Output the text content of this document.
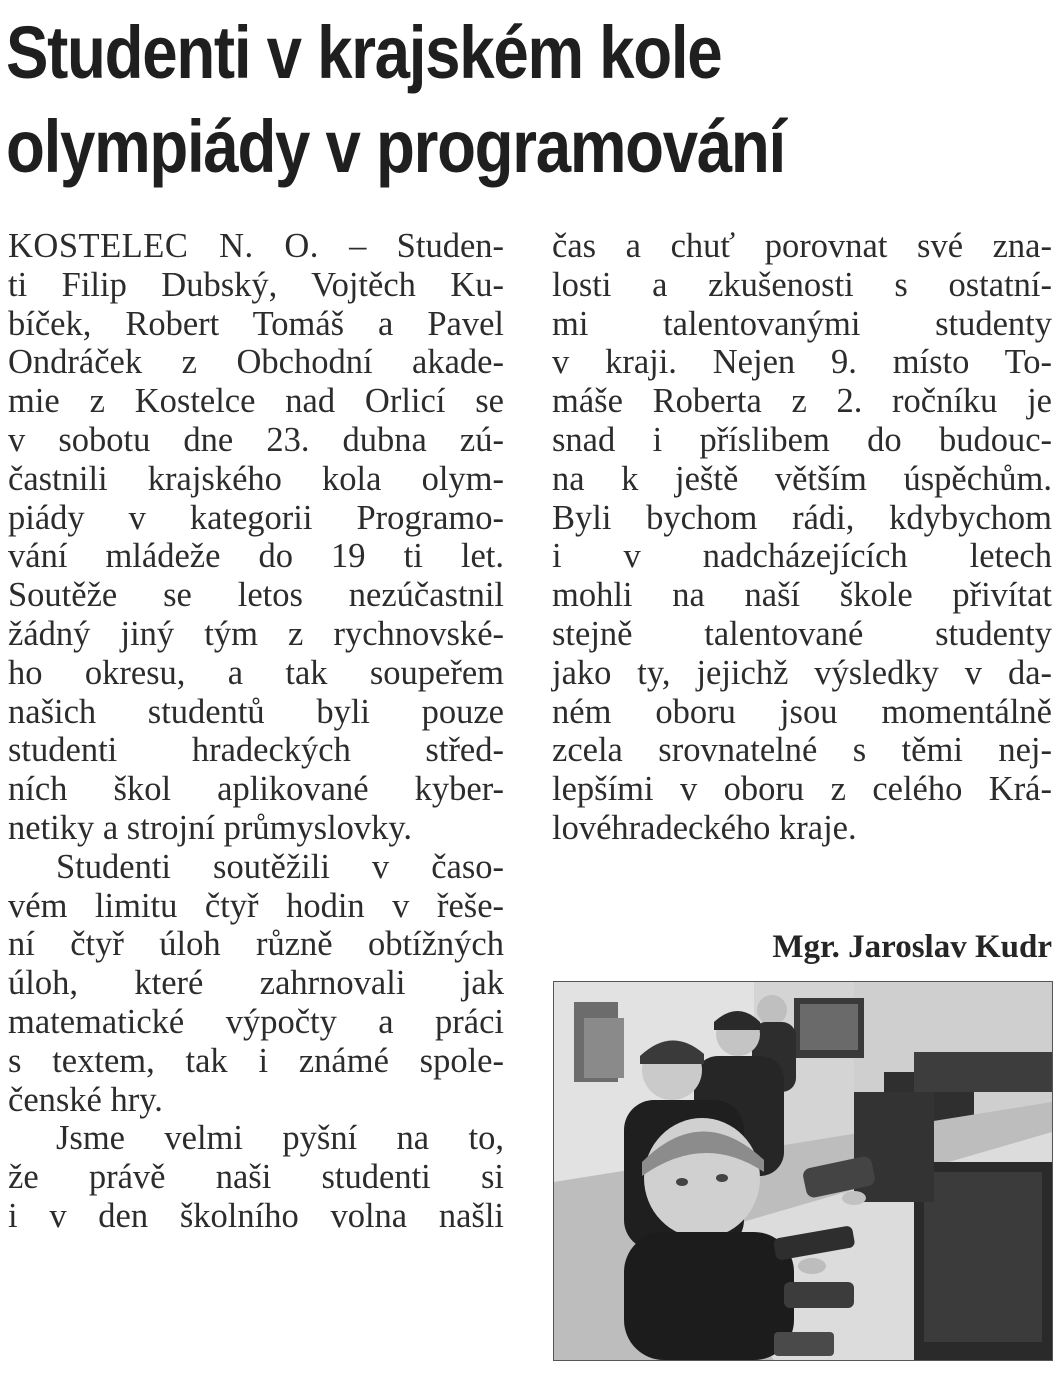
Studenti v krajském kole
olympiády v programování
KOSTELEC N. O. – Studen-
ti Filip Dubský, Vojtěch Ku-
bíček, Robert Tomáš a Pavel
Ondráček z Obchodní akade-
mie z Kostelce nad Orlicí se
v sobotu dne 23. dubna zú-
častnili krajského kola olym-
piády v kategorii Programo-
vání mládeže do 19 ti let.
Soutěže se letos nezúčastnil
žádný jiný tým z rychnovské-
ho okresu, a tak soupeřem
našich studentů byli pouze
studenti hradeckých střed-
ních škol aplikované kyber-
netiky a strojní průmyslovky.
Studenti soutěžili v časo-
vém limitu čtyř hodin v řeše-
ní čtyř úloh různě obtížných
úloh, které zahrnovali jak
matematické výpočty a práci
s textem, tak i známé spole-
čenské hry.
Jsme velmi pyšní na to,
že právě naši studenti si
i v den školního volna našli
čas a chuť porovnat své zna-
losti a zkušenosti s ostatní-
mi talentovanými studenty
v kraji. Nejen 9. místo To-
máše Roberta z 2. ročníku je
snad i příslibem do budouc-
na k ještě větším úspěchům.
Byli bychom rádi, kdybychom
i v nadcházejících letech
mohli na naší škole přivítat
stejně talentované studenty
jako ty, jejichž výsledky v da-
ném oboru jsou momentálně
zcela srovnatelné s těmi nej-
lepšími v oboru z celého Krá-
lovéhradeckého kraje.
Mgr. Jaroslav Kudr
